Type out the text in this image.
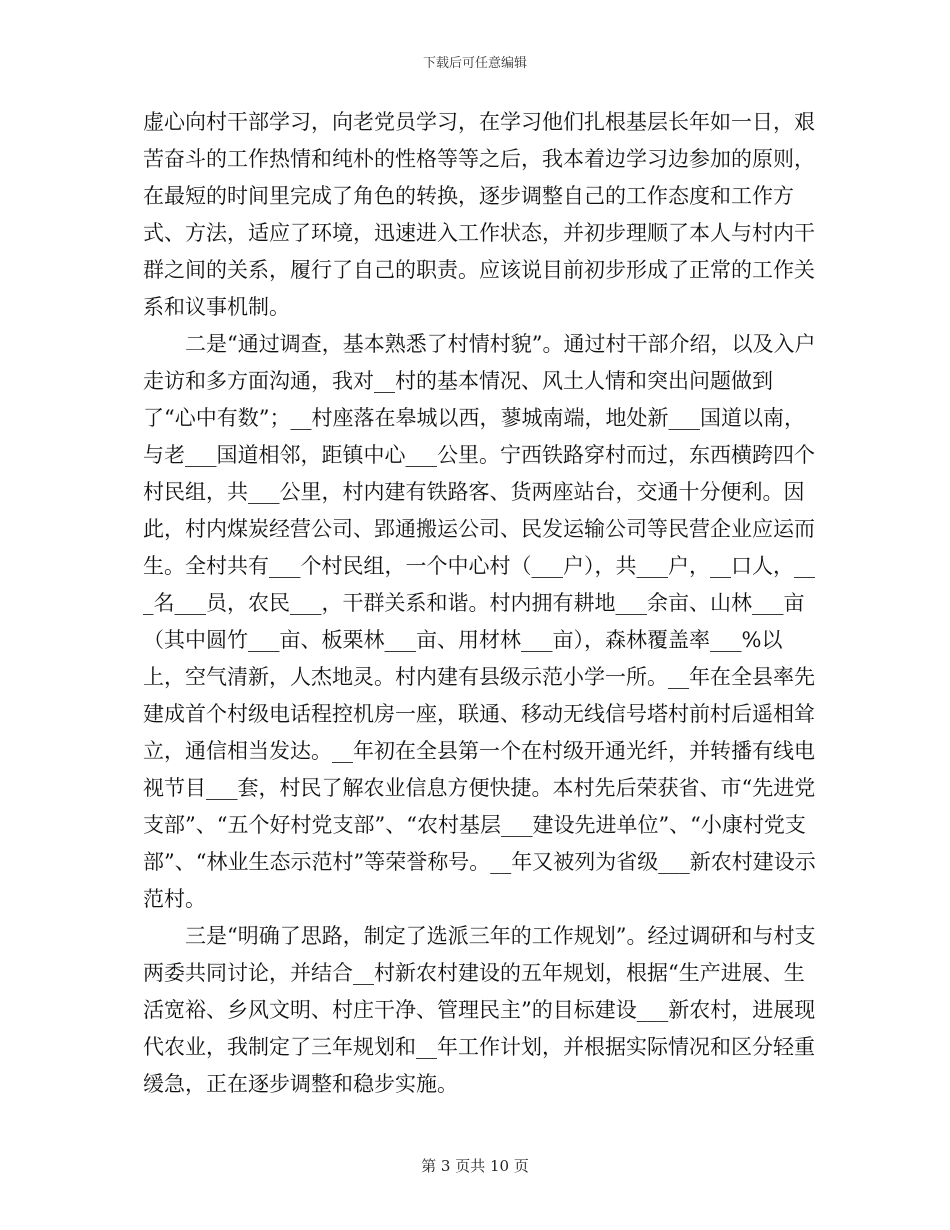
下载后可任意编辑

虚心向村干部学习，向老党员学习，在学习他们扎根基层长年如一日，艰苦奋斗的工作热情和纯朴的性格等等之后，我本着边学习边参加的原则，在最短的时间里完成了角色的转换，逐步调整自己的工作态度和工作方式、方法，适应了环境，迅速进入工作状态，并初步理顺了本人与村内干群之间的关系，履行了自己的职责。应该说目前初步形成了正常的工作关系和议事机制。

二是“通过调查，基本熟悉了村情村貌”。通过村干部介绍，以及入户走访和多方面沟通，我对__村的基本情况、风土人情和突出问题做到了“心中有数”；__村座落在皋城以西，蓼城南端，地处新___国道以南，与老___国道相邻，距镇中心___公里。宁西铁路穿村而过，东西横跨四个村民组，共___公里，村内建有铁路客、货两座站台，交通十分便利。因此，村内煤炭经营公司、郢通搬运公司、民发运输公司等民营企业应运而生。全村共有___个村民组，一个中心村（___户），共___户，__口人，___名___员，农民___，干群关系和谐。村内拥有耕地___余亩、山林___亩（其中圆竹___亩、板栗林___亩、用材林___亩），森林覆盖率___%以上，空气清新，人杰地灵。村内建有县级示范小学一所。__年在全县率先建成首个村级电话程控机房一座，联通、移动无线信号塔村前村后遥相耸立，通信相当发达。__年初在全县第一个在村级开通光纤，并转播有线电视节目___套，村民了解农业信息方便快捷。本村先后荣获省、市“先进党支部”、“五个好村党支部”、“农村基层___建设先进单位”、“小康村党支部”、“林业生态示范村”等荣誉称号。__年又被列为省级___新农村建设示范村。

三是“明确了思路，制定了选派三年的工作规划”。经过调研和与村支两委共同讨论，并结合__村新农村建设的五年规划，根据“生产进展、生活宽裕、乡风文明、村庄干净、管理民主”的目标建设___新农村，进展现代农业，我制定了三年规划和__年工作计划，并根据实际情况和区分轻重缓急，正在逐步调整和稳步实施。

第 3 页共 10 页
